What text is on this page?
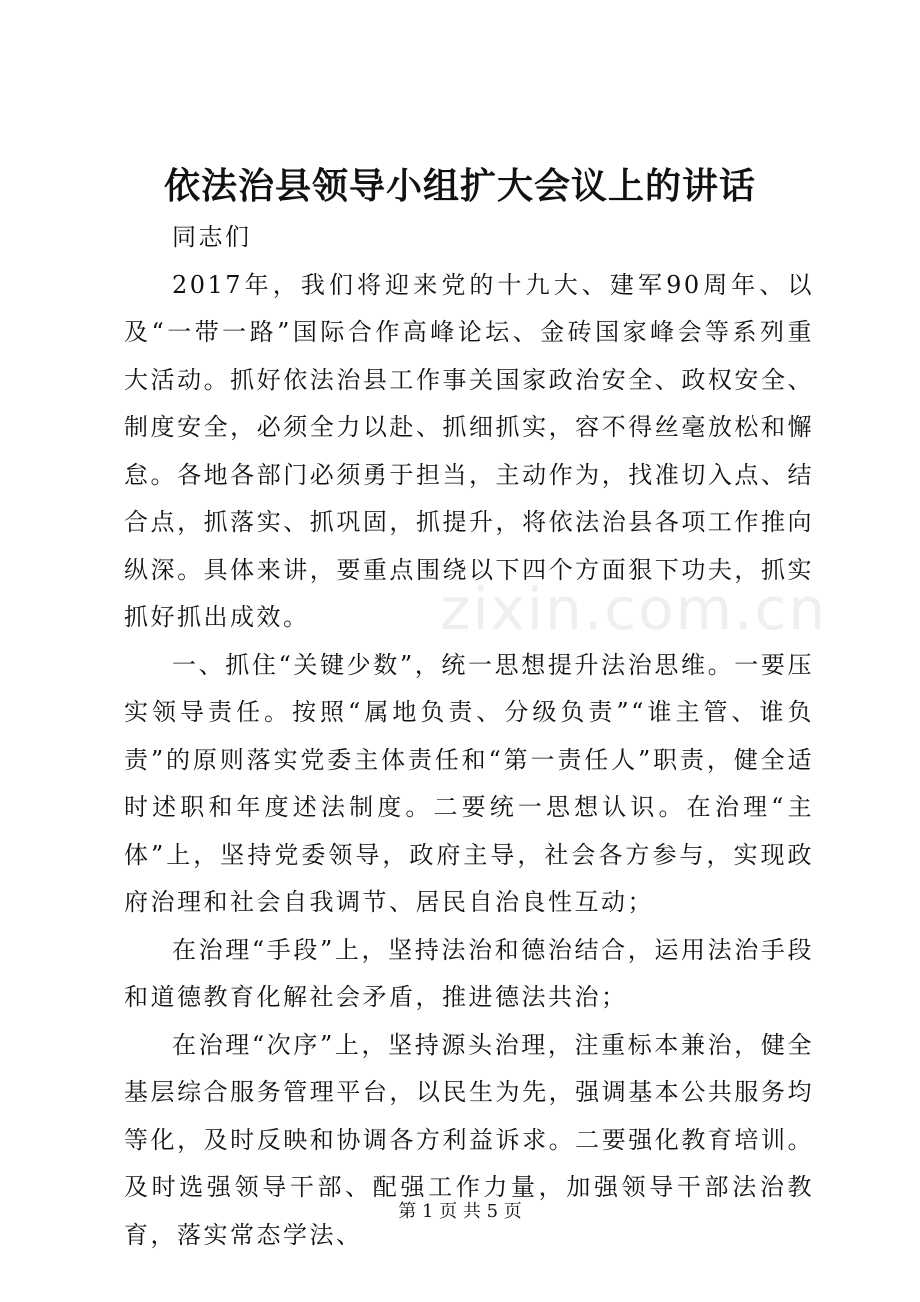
依法治县领导小组扩大会议上的讲话

同志们

2017年，我们将迎来党的十九大、建军90周年、以及“一带一路”国际合作高峰论坛、金砖国家峰会等系列重大活动。抓好依法治县工作事关国家政治安全、政权安全、制度安全，必须全力以赴、抓细抓实，容不得丝毫放松和懈怠。各地各部门必须勇于担当，主动作为，找准切入点、结合点，抓落实、抓巩固，抓提升，将依法治县各项工作推向纵深。具体来讲，要重点围绕以下四个方面狠下功夫，抓实抓好抓出成效。

一、抓住“关键少数”，统一思想提升法治思维。一要压实领导责任。按照“属地负责、分级负责”“谁主管、谁负责”的原则落实党委主体责任和“第一责任人”职责，健全适时述职和年度述法制度。二要统一思想认识。在治理“主体”上，坚持党委领导，政府主导，社会各方参与，实现政府治理和社会自我调节、居民自治良性互动；

在治理“手段”上，坚持法治和德治结合，运用法治手段和道德教育化解社会矛盾，推进德法共治；

在治理“次序”上，坚持源头治理，注重标本兼治，健全基层综合服务管理平台，以民生为先，强调基本公共服务均等化，及时反映和协调各方利益诉求。二要强化教育培训。及时选强领导干部、配强工作力量，加强领导干部法治教育，落实常态学法、

zixin.com.cn
第 1 页 共 5 页
